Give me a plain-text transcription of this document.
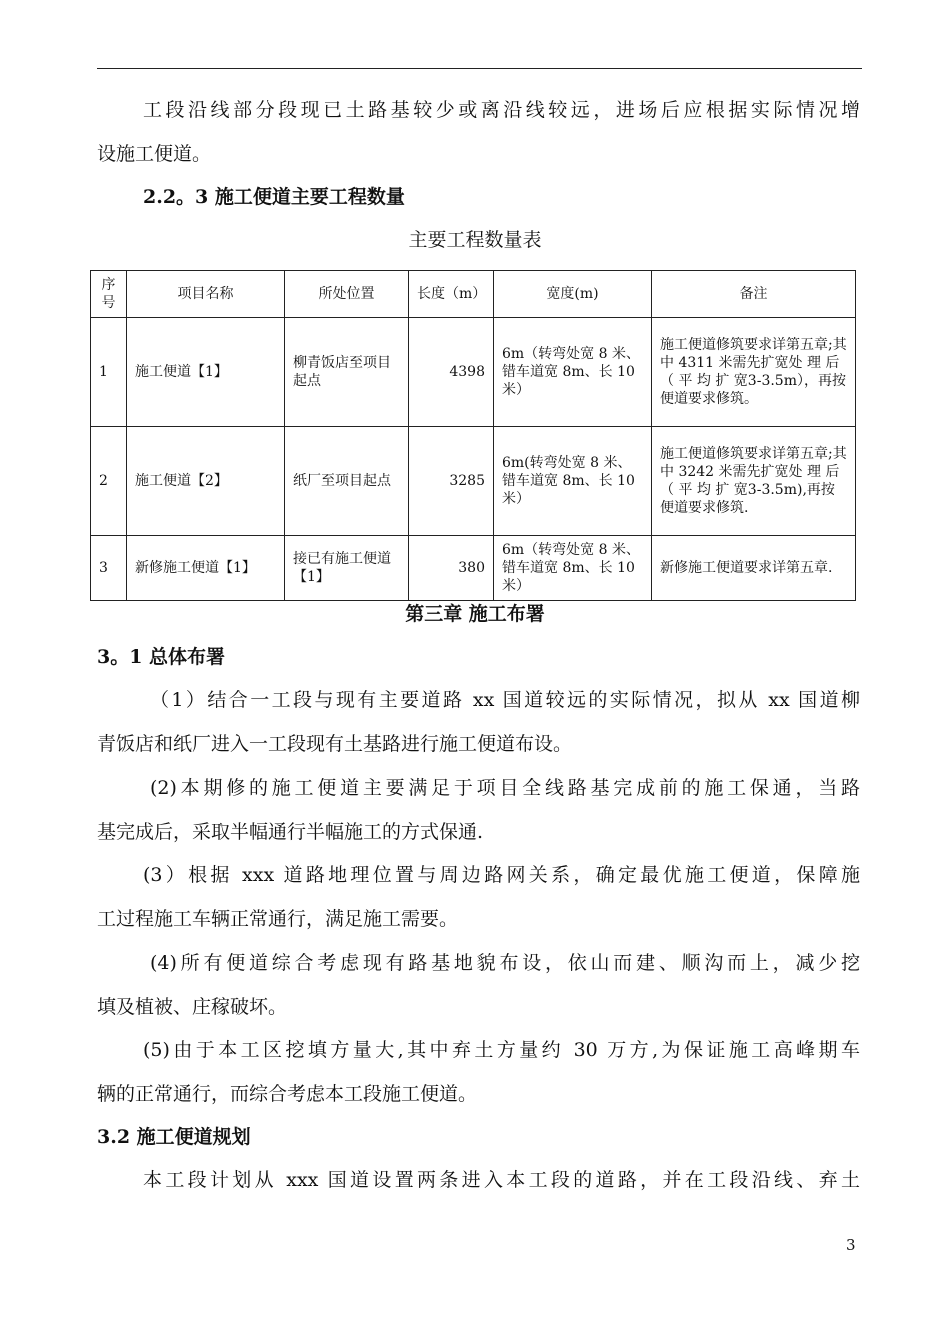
工段沿线部分段现已土路基较少或离沿线较远，进场后应根据实际情况增
设施工便道。
2.2。3 施工便道主要工程数量
主要工程数量表
序号	项目名称	所处位置	长度（m）	宽度(m)	备注
1	施工便道【1】	柳青饭店至项目起点	4398	6m（转弯处宽 8 米、错车道宽 8m、长 10 米）	施工便道修筑要求详第五章;其中 4311 米需先扩宽处 理 后（ 平 均 扩 宽3-3.5m），再按便道要求修筑。
2	施工便道【2】	纸厂至项目起点	3285	6m(转弯处宽 8 米、错车道宽 8m、长 10 米）	施工便道修筑要求详第五章;其中 3242 米需先扩宽处 理 后（ 平 均 扩 宽3-3.5m),再按便道要求修筑.
3	新修施工便道【1】	接已有施工便道【1】	380	6m（转弯处宽 8 米、错车道宽 8m、长 10 米）	新修施工便道要求详第五章.
第三章 施工布署
3。1 总体布署
（1）结合一工段与现有主要道路 xx 国道较远的实际情况，拟从 xx 国道柳
青饭店和纸厂进入一工段现有土基路进行施工便道布设。
(2)本期修的施工便道主要满足于项目全线路基完成前的施工保通，当路
基完成后，采取半幅通行半幅施工的方式保通.
(3）根据 xxx 道路地理位置与周边路网关系，确定最优施工便道，保障施
工过程施工车辆正常通行，满足施工需要。
(4)所有便道综合考虑现有路基地貌布设，依山而建、顺沟而上，减少挖
填及植被、庄稼破坏。
(5)由于本工区挖填方量大,其中弃土方量约 30 万方,为保证施工高峰期车
辆的正常通行，而综合考虑本工段施工便道。
3.2 施工便道规划
本工段计划从 xxx 国道设置两条进入本工段的道路，并在工段沿线、弃土
3
